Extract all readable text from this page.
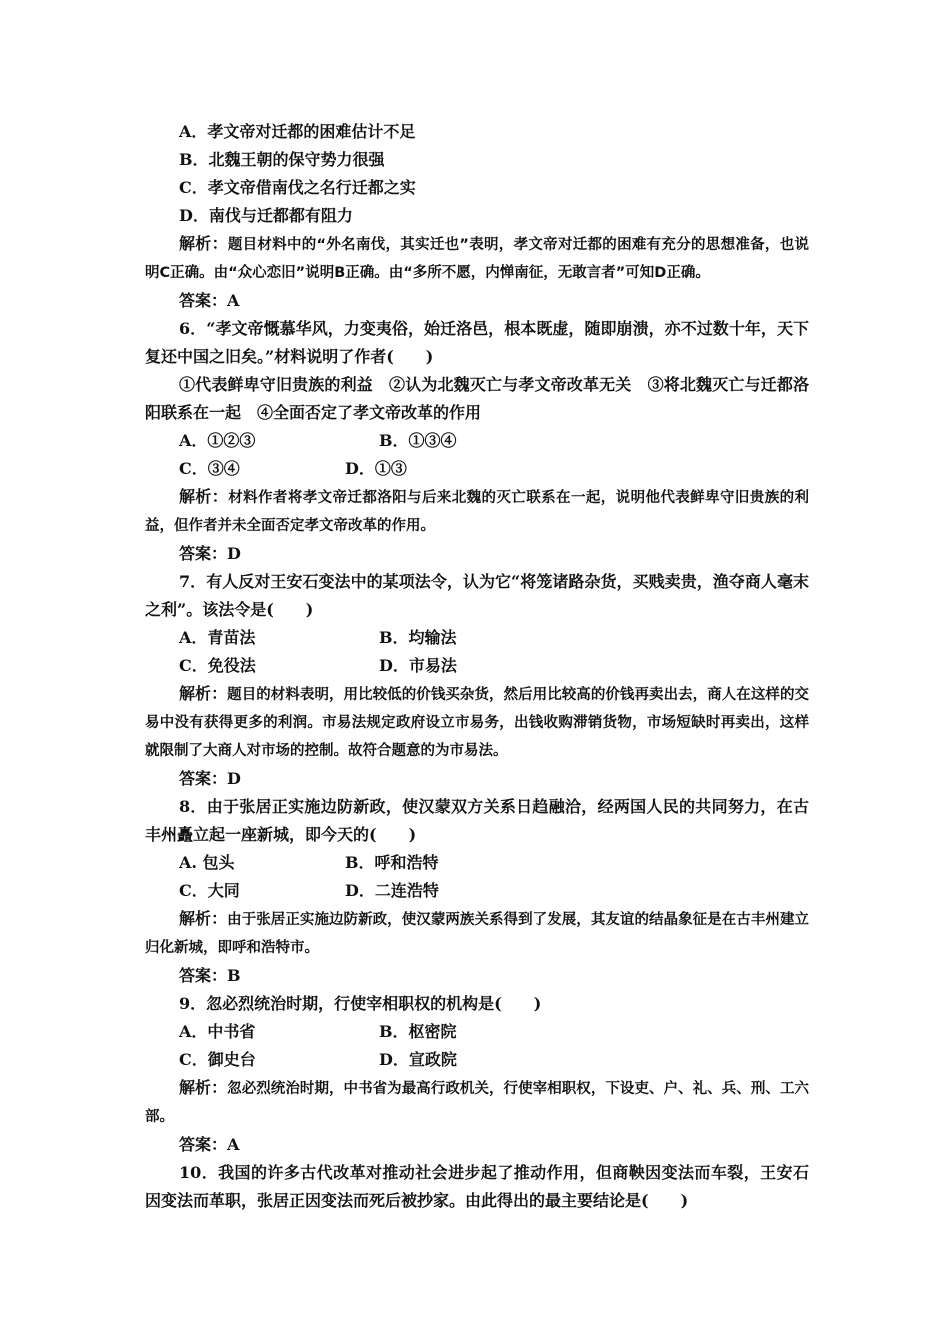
A．孝文帝对迁都的困难估计不足
B．北魏王朝的保守势力很强
C．孝文帝借南伐之名行迁都之实
D．南伐与迁都都有阻力
解析：题目材料中的“外名南伐，其实迁也”表明，孝文帝对迁都的困难有充分的思想准备，也说明C正确。由“众心恋旧”说明B正确。由“多所不愿，内惮南征，无敢言者”可知D正确。
答案：A
6．“孝文帝慨慕华风，力变夷俗，始迁洛邑，根本既虚，随即崩溃，亦不过数十年，天下复还中国之旧矣。”材料说明了作者(　　)
①代表鲜卑守旧贵族的利益　②认为北魏灭亡与孝文帝改革无关　③将北魏灭亡与迁都洛阳联系在一起　④全面否定了孝文帝改革的作用
A．①②③	B．①③④
C．③④	D．①③
解析：材料作者将孝文帝迁都洛阳与后来北魏的灭亡联系在一起，说明他代表鲜卑守旧贵族的利益，但作者并未全面否定孝文帝改革的作用。
答案：D
7．有人反对王安石变法中的某项法令，认为它“将笼诸路杂货，买贱卖贵，渔夺商人毫末之利”。该法令是(　　)
A．青苗法	B．均输法
C．免役法	D．市易法
解析：题目的材料表明，用比较低的价钱买杂货，然后用比较高的价钱再卖出去，商人在这样的交易中没有获得更多的利润。市易法规定政府设立市易务，出钱收购滞销货物，市场短缺时再卖出，这样就限制了大商人对市场的控制。故符合题意的为市易法。
答案：D
8．由于张居正实施边防新政，使汉蒙双方关系日趋融洽，经两国人民的共同努力，在古丰州矗立起一座新城，即今天的(　　)
A. 包头	B．呼和浩特
C．大同	D．二连浩特
解析：由于张居正实施边防新政，使汉蒙两族关系得到了发展，其友谊的结晶象征是在古丰州建立归化新城，即呼和浩特市。
答案：B
9．忽必烈统治时期，行使宰相职权的机构是(　　)
A．中书省	B．枢密院
C．御史台	D．宣政院
解析：忽必烈统治时期，中书省为最高行政机关，行使宰相职权，下设吏、户、礼、兵、刑、工六部。
答案：A
10．我国的许多古代改革对推动社会进步起了推动作用，但商鞅因变法而车裂，王安石因变法而革职，张居正因变法而死后被抄家。由此得出的最主要结论是(　　)
